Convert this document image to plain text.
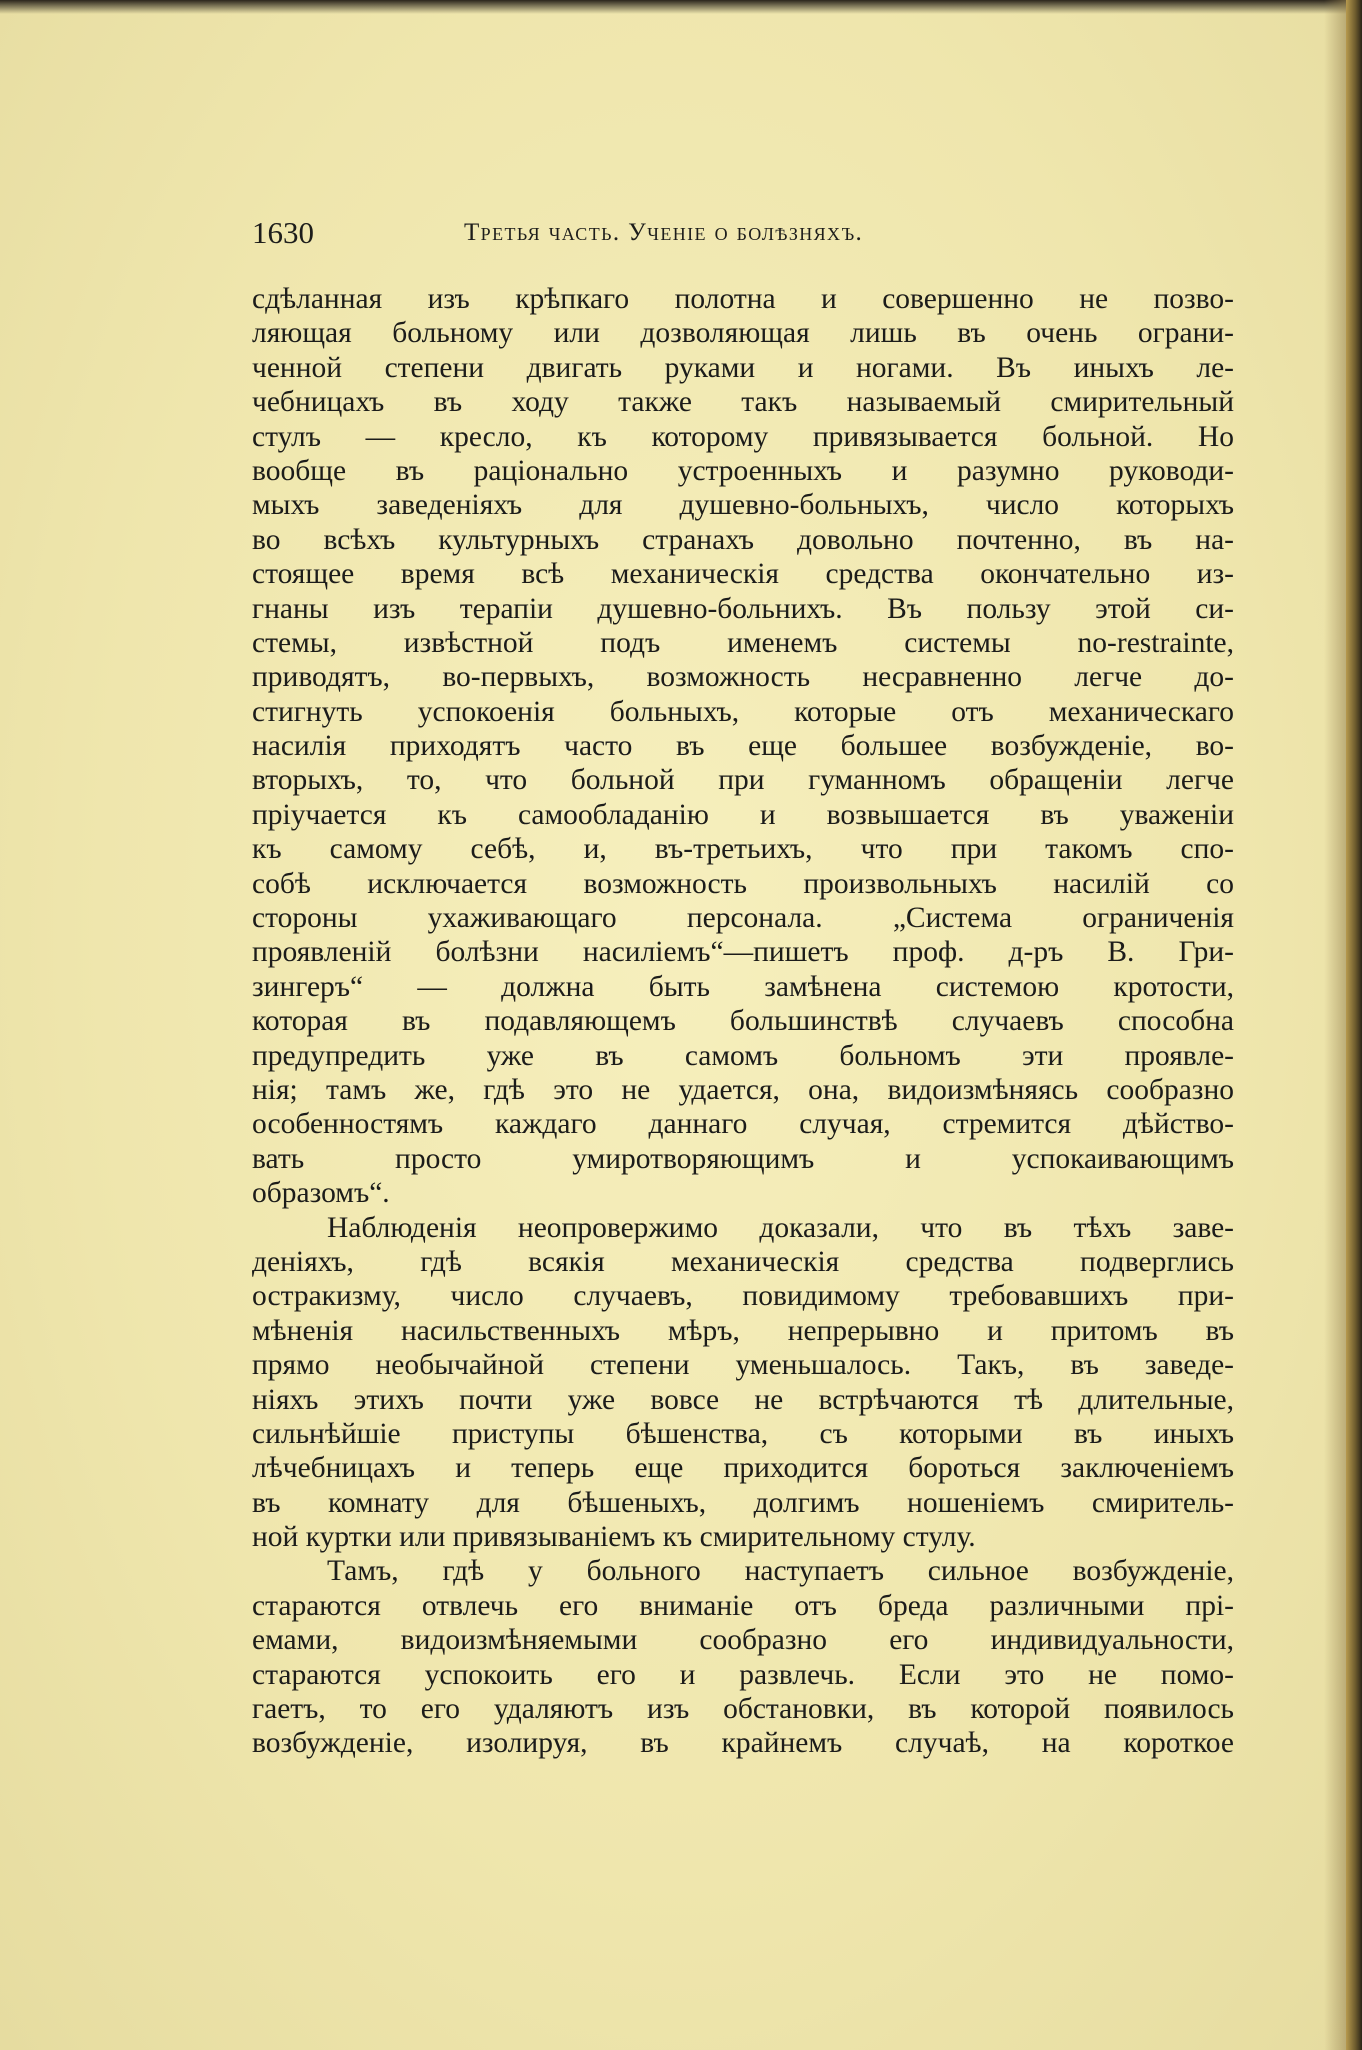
1630	Третья часть. Ученіе о болѣзняхъ.
сдѣланная изъ крѣпкаго полотна и совершенно не позво-
ляющая больному или дозволяющая лишь въ очень ограни-
ченной степени двигать руками и ногами. Въ иныхъ ле-
чебницахъ въ ходу также такъ называемый смирительный
стулъ — кресло, къ которому привязывается больной. Но
вообще въ раціонально устроенныхъ и разумно руководи-
мыхъ заведеніяхъ для душевно-больныхъ, число которыхъ
во всѣхъ культурныхъ странахъ довольно почтенно, въ на-
стоящее время всѣ механическія средства окончательно из-
гнаны изъ терапіи душевно-больнихъ. Въ пользу этой си-
стемы, извѣстной подъ именемъ системы no-restrainte,
приводятъ, во-первыхъ, возможность несравненно легче до-
стигнуть успокоенія больныхъ, которые отъ механическаго
насилія приходятъ часто въ еще большее возбужденіе, во-
вторыхъ, то, что больной при гуманномъ обращеніи легче
пріучается къ самообладанію и возвышается въ уваженіи
къ самому себѣ, и, въ-третьихъ, что при такомъ спо-
собѣ исключается возможность произвольныхъ насилій со
стороны ухаживающаго персонала. „Система ограниченія
проявленій болѣзни насиліемъ“—пишетъ проф. д-ръ В. Гри-
зингеръ“ — должна быть замѣнена системою кротости,
которая въ подавляющемъ большинствѣ случаевъ способна
предупредить уже въ самомъ больномъ эти проявле-
нія; тамъ же, гдѣ это не удается, она, видоизмѣняясь сообразно
особенностямъ каждаго даннаго случая, стремится дѣйство-
вать просто умиротворяющимъ и успокаивающимъ
образомъ“.
Наблюденія неопровержимо доказали, что въ тѣхъ заве-
деніяхъ, гдѣ всякія механическія средства подверглись
остракизму, число случаевъ, повидимому требовавшихъ при-
мѣненія насильственныхъ мѣръ, непрерывно и притомъ въ
прямо необычайной степени уменьшалось. Такъ, въ заведе-
ніяхъ этихъ почти уже вовсе не встрѣчаются тѣ длительные,
сильнѣйшіе приступы бѣшенства, съ которыми въ иныхъ
лѣчебницахъ и теперь еще приходится бороться заключеніемъ
въ комнату для бѣшеныхъ, долгимъ ношеніемъ смиритель-
ной куртки или привязываніемъ къ смирительному стулу.
Тамъ, гдѣ у больного наступаетъ сильное возбужденіе,
стараются отвлечь его вниманіе отъ бреда различными прі-
емами, видоизмѣняемыми сообразно его индивидуальности,
стараются успокоить его и развлечь. Если это не помо-
гаетъ, то его удаляютъ изъ обстановки, въ которой появилось
возбужденіе, изолируя, въ крайнемъ случаѣ, на короткое
